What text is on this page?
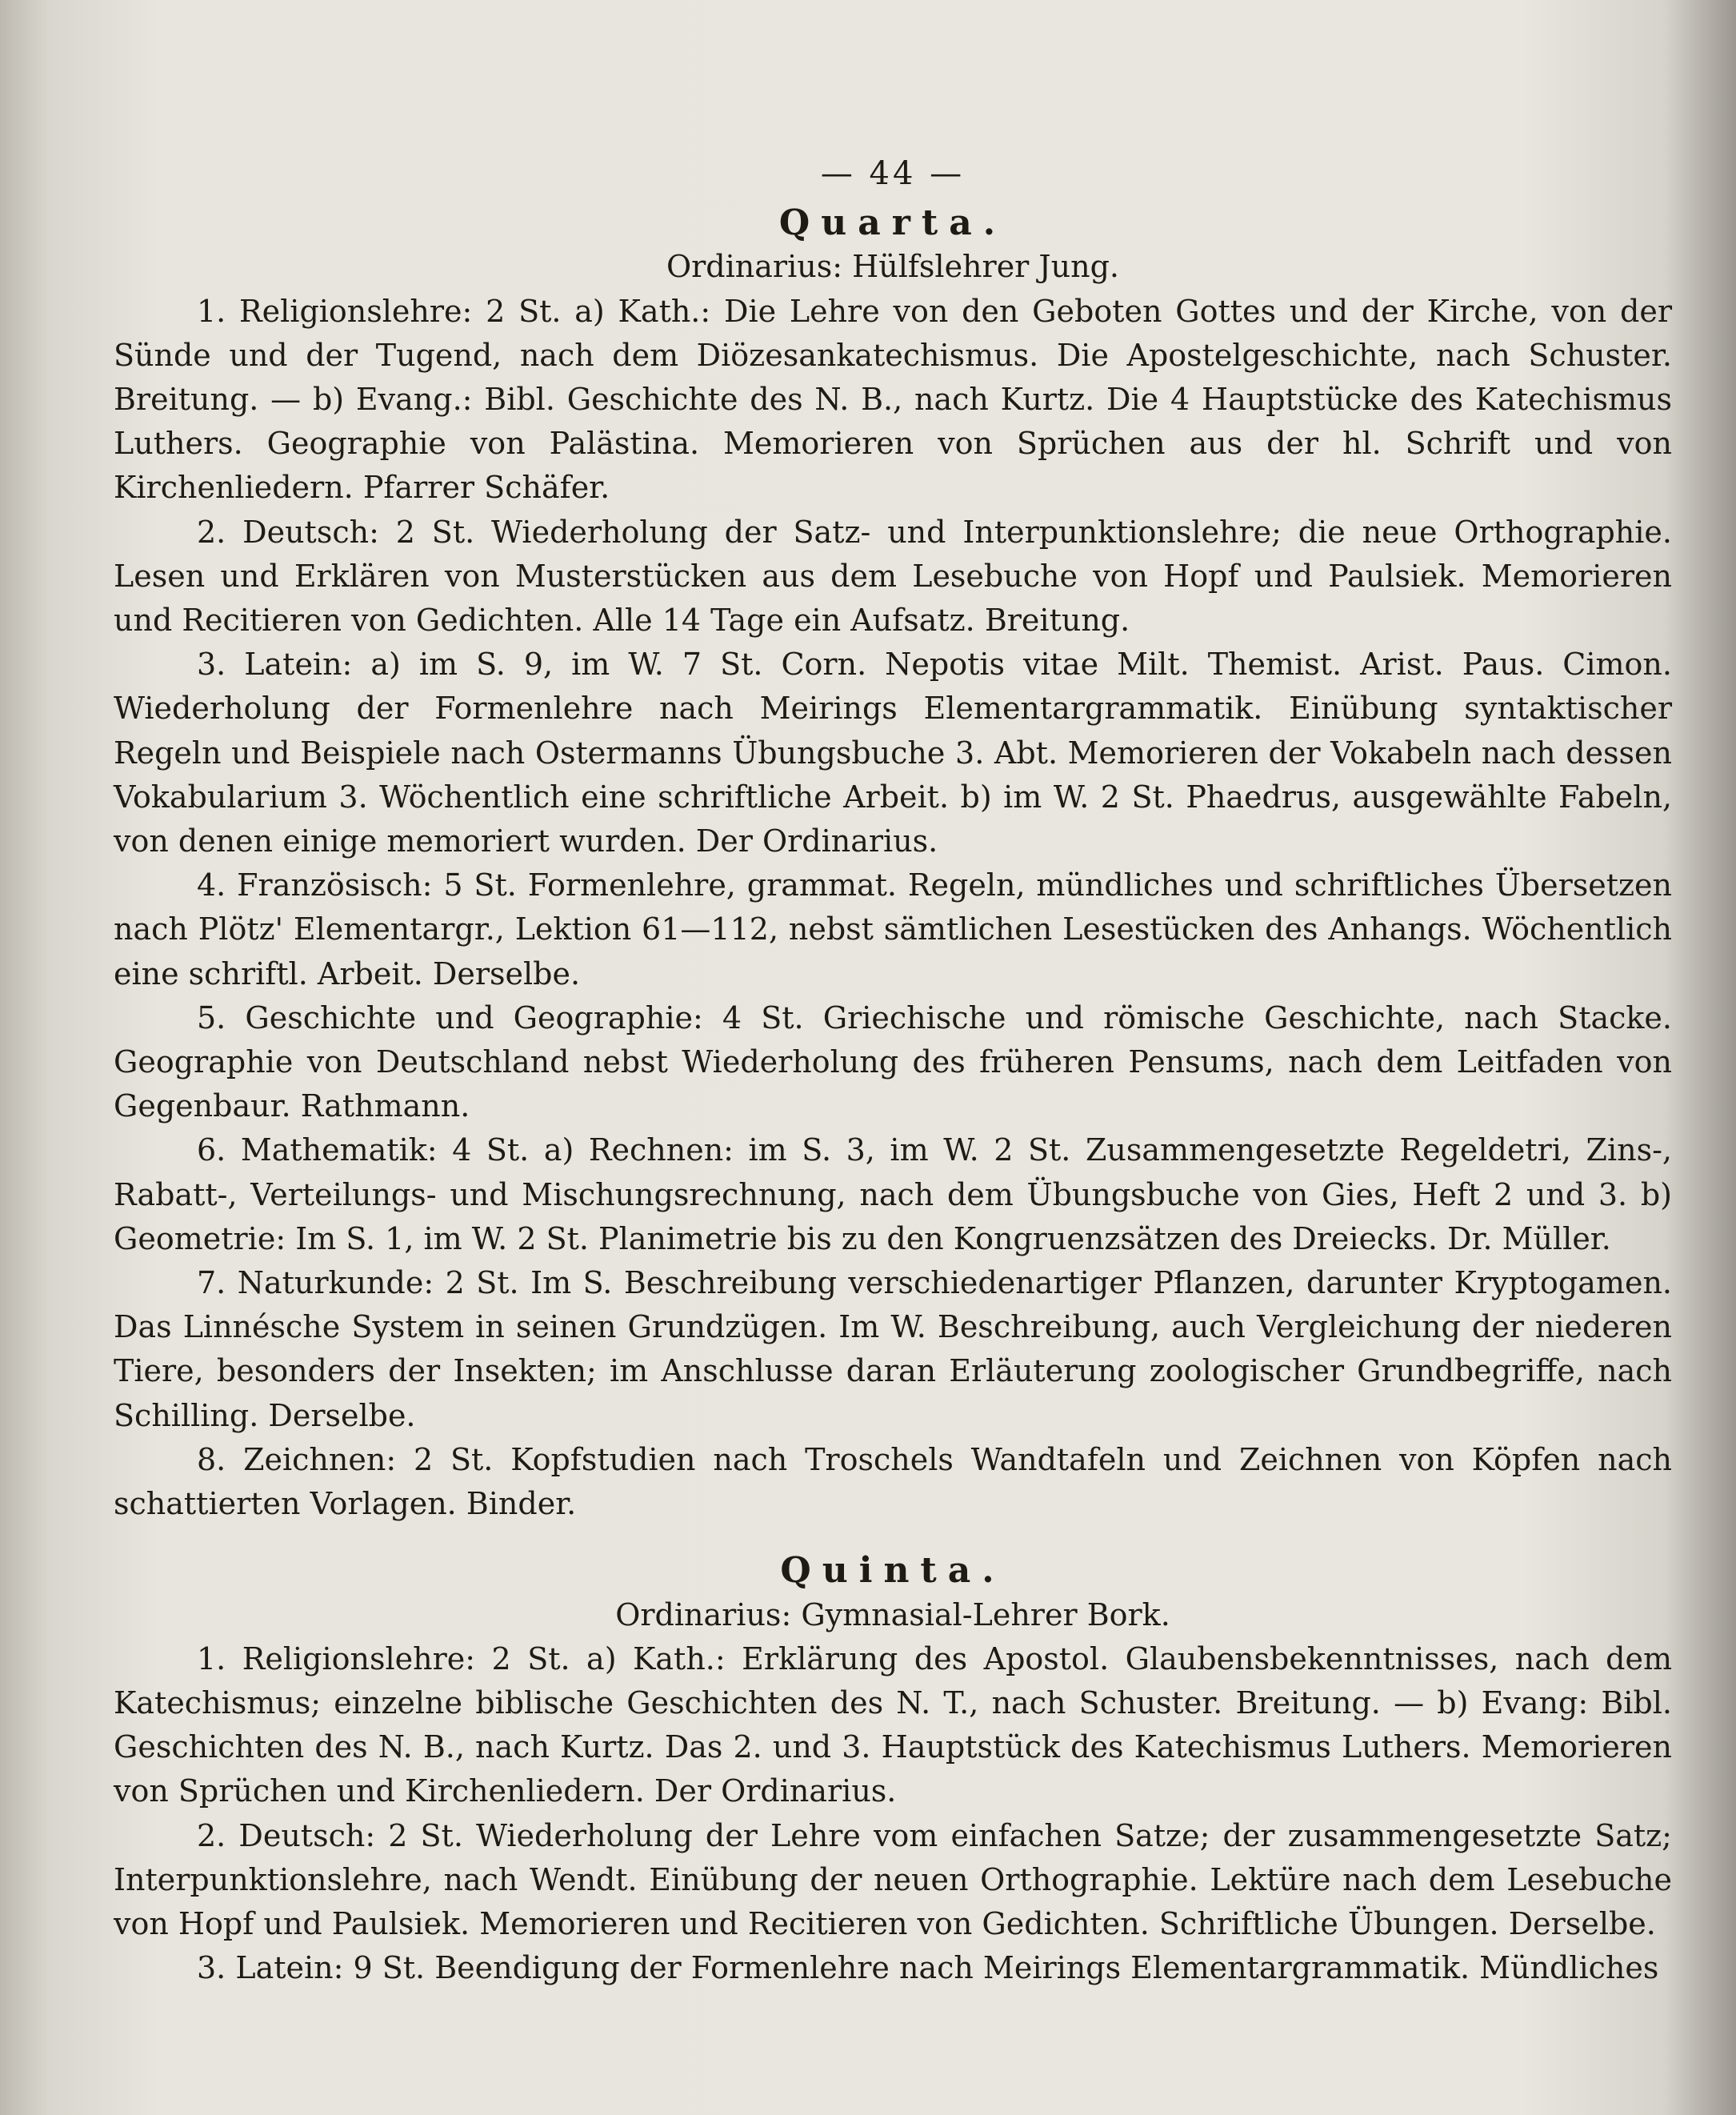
— 44 —
Quarta.
Ordinarius: Hülfslehrer Jung.
1. Religionslehre: 2 St. a) Kath.: Die Lehre von den Geboten Gottes und der Kirche, von der Sünde und der Tugend, nach dem Diözesankatechismus. Die Apostelgeschichte, nach Schuster. Breitung. — b) Evang.: Bibl. Geschichte des N. B., nach Kurtz. Die 4 Hauptstücke des Katechismus Luthers. Geographie von Palästina. Memorieren von Sprüchen aus der hl. Schrift und von Kirchenliedern. Pfarrer Schäfer.
2. Deutsch: 2 St. Wiederholung der Satz- und Interpunktionslehre; die neue Orthographie. Lesen und Erklären von Musterstücken aus dem Lesebuche von Hopf und Paulsiek. Memorieren und Recitieren von Gedichten. Alle 14 Tage ein Aufsatz. Breitung.
3. Latein: a) im S. 9, im W. 7 St. Corn. Nepotis vitae Milt. Themist. Arist. Paus. Cimon. Wiederholung der Formenlehre nach Meirings Elementargrammatik. Einübung syntaktischer Regeln und Beispiele nach Ostermanns Übungsbuche 3. Abt. Memorieren der Vokabeln nach dessen Vokabularium 3. Wöchentlich eine schriftliche Arbeit. b) im W. 2 St. Phaedrus, ausgewählte Fabeln, von denen einige memoriert wurden. Der Ordinarius.
4. Französisch: 5 St. Formenlehre, grammat. Regeln, mündliches und schriftliches Übersetzen nach Plötz' Elementargr., Lektion 61—112, nebst sämtlichen Lesestücken des Anhangs. Wöchentlich eine schriftl. Arbeit. Derselbe.
5. Geschichte und Geographie: 4 St. Griechische und römische Geschichte, nach Stacke. Geographie von Deutschland nebst Wiederholung des früheren Pensums, nach dem Leitfaden von Gegenbaur. Rathmann.
6. Mathematik: 4 St. a) Rechnen: im S. 3, im W. 2 St. Zusammengesetzte Regeldetri, Zins-, Rabatt-, Verteilungs- und Mischungsrechnung, nach dem Übungsbuche von Gies, Heft 2 und 3. b) Geometrie: Im S. 1, im W. 2 St. Planimetrie bis zu den Kongruenzsätzen des Dreiecks. Dr. Müller.
7. Naturkunde: 2 St. Im S. Beschreibung verschiedenartiger Pflanzen, darunter Kryptogamen. Das Linnésche System in seinen Grundzügen. Im W. Beschreibung, auch Vergleichung der niederen Tiere, besonders der Insekten; im Anschlusse daran Erläuterung zoologischer Grundbegriffe, nach Schilling. Derselbe.
8. Zeichnen: 2 St. Kopfstudien nach Troschels Wandtafeln und Zeichnen von Köpfen nach schattierten Vorlagen. Binder.
Quinta.
Ordinarius: Gymnasial-Lehrer Bork.
1. Religionslehre: 2 St. a) Kath.: Erklärung des Apostol. Glaubensbekenntnisses, nach dem Katechismus; einzelne biblische Geschichten des N. T., nach Schuster. Breitung. — b) Evang: Bibl. Geschichten des N. B., nach Kurtz. Das 2. und 3. Hauptstück des Katechismus Luthers. Memorieren von Sprüchen und Kirchenliedern. Der Ordinarius.
2. Deutsch: 2 St. Wiederholung der Lehre vom einfachen Satze; der zusammengesetzte Satz; Interpunktionslehre, nach Wendt. Einübung der neuen Orthographie. Lektüre nach dem Lesebuche von Hopf und Paulsiek. Memorieren und Recitieren von Gedichten. Schriftliche Übungen. Derselbe.
3. Latein: 9 St. Beendigung der Formenlehre nach Meirings Elementargrammatik. Mündliches
